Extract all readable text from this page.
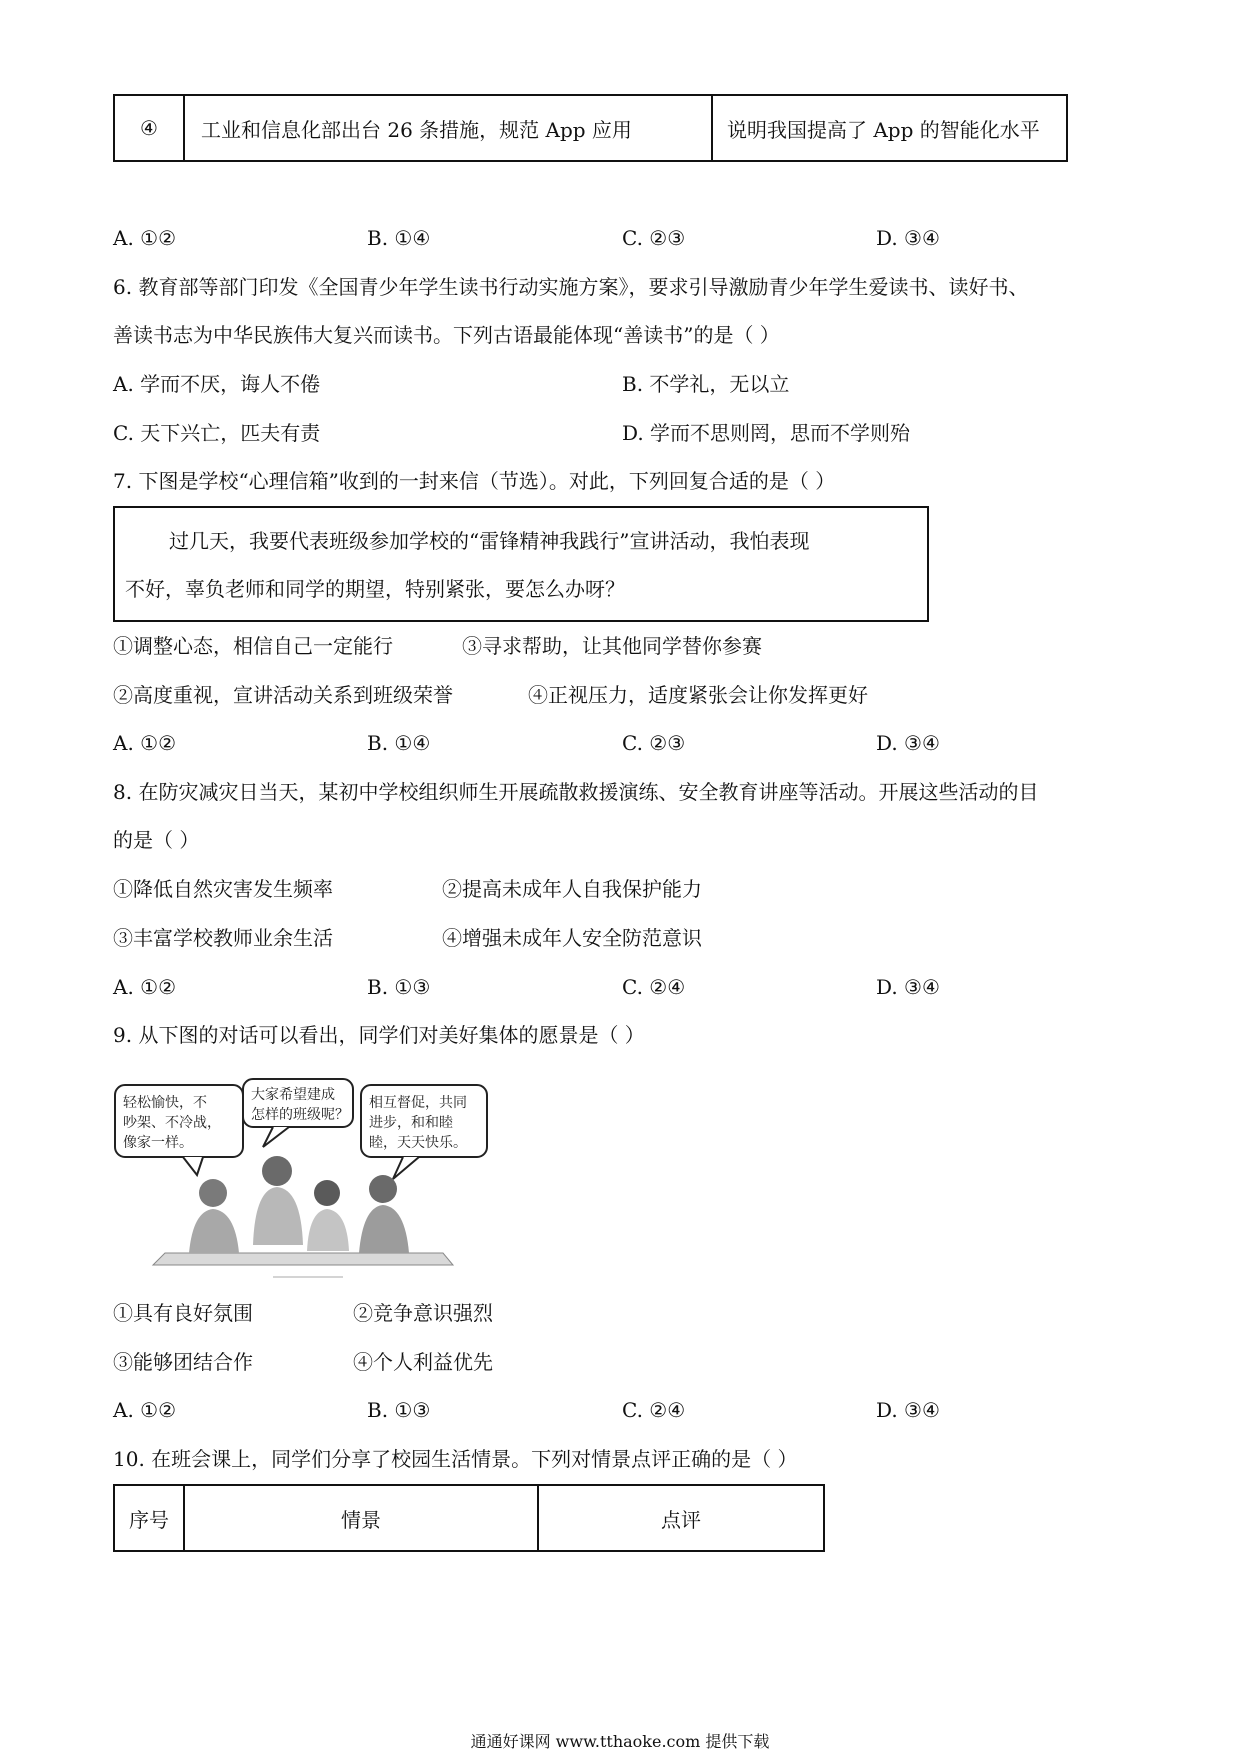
④	工业和信息化部出台 26 条措施，规范 App 应用	说明我国提高了 App 的智能化水平
A. ①②	B. ①④	C. ②③	D. ③④
6. 教育部等部门印发《全国青少年学生读书行动实施方案》，要求引导激励青少年学生爱读书、读好书、
善读书志为中华民族伟大复兴而读书。下列古语最能体现“善读书”的是（ ）
A. 学而不厌，诲人不倦	B. 不学礼，无以立
C. 天下兴亡，匹夫有责	D. 学而不思则罔，思而不学则殆
7. 下图是学校“心理信箱”收到的一封来信（节选）。对此，下列回复合适的是（ ）
过几天，我要代表班级参加学校的“雷锋精神我践行”宣讲活动，我怕表现
不好，辜负老师和同学的期望，特别紧张，要怎么办呀？
①调整心态，相信自己一定能行	③寻求帮助，让其他同学替你参赛
②高度重视，宣讲活动关系到班级荣誉	④正视压力，适度紧张会让你发挥更好
A. ①②	B. ①④	C. ②③	D. ③④
8. 在防灾减灾日当天，某初中学校组织师生开展疏散救援演练、安全教育讲座等活动。开展这些活动的目
的是（ ）
①降低自然灾害发生频率	②提高未成年人自我保护能力
③丰富学校教师业余生活	④增强未成年人安全防范意识
A. ①②	B. ①③	C. ②④	D. ③④
9. 从下图的对话可以看出，同学们对美好集体的愿景是（ ）
轻松愉快，不
吵架、不冷战，
像家一样。
大家希望建成
怎样的班级呢？
相互督促，共同
进步，和和睦
睦，天天快乐。
①具有良好氛围	②竞争意识强烈
③能够团结合作	④个人利益优先
A. ①②	B. ①③	C. ②④	D. ③④
10. 在班会课上，同学们分享了校园生活情景。下列对情景点评正确的是（ ）
序号	情景	点评
通通好课网 www.tthaoke.com 提供下载
